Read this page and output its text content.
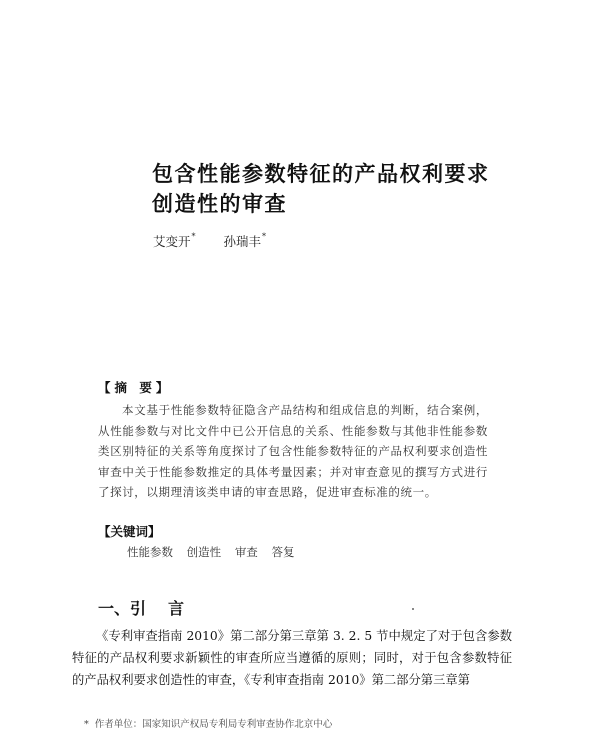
包含性能参数特征的产品权利要求
创造性的审查
艾变开* 孙瑞丰*
【摘 要】
本文基于性能参数特征隐含产品结构和组成信息的判断，结合案例，从性能参数与对比文件中已公开信息的关系、性能参数与其他非性能参数类区别特征的关系等角度探讨了包含性能参数特征的产品权利要求创造性审查中关于性能参数推定的具体考量因素；并对审查意见的撰写方式进行了探讨，以期理清该类申请的审查思路，促进审查标准的统一。
【关键词】
性能参数 创造性 审查 答复
一、引 言
《专利审查指南 2010》第二部分第三章第 3. 2. 5 节中规定了对于包含参数特征的产品权利要求新颖性的审查所应当遵循的原则；同时，对于包含参数特征的产品权利要求创造性的审查，《专利审查指南 2010》第二部分第三章第
* 作者单位：国家知识产权局专利局专利审查协作北京中心
